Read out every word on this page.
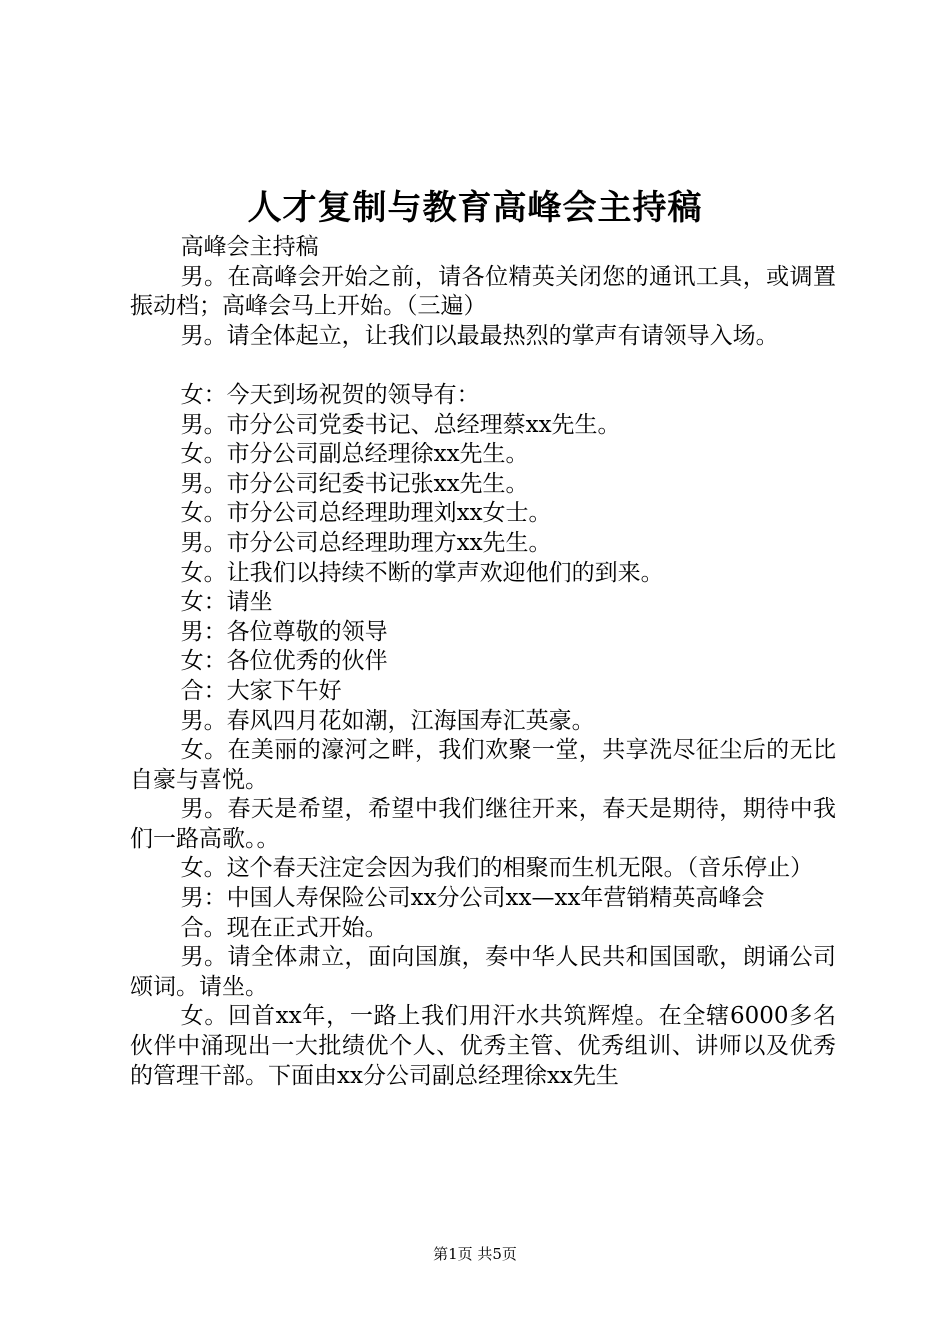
人才复制与教育高峰会主持稿

高峰会主持稿

男。在高峰会开始之前，请各位精英关闭您的通讯工具，或调置振动档；高峰会马上开始。（三遍）

男。请全体起立，让我们以最最热烈的掌声有请领导入场。

女：今天到场祝贺的领导有：

男。市分公司党委书记、总经理蔡xx先生。

女。市分公司副总经理徐xx先生。

男。市分公司纪委书记张xx先生。

女。市分公司总经理助理刘xx女士。

男。市分公司总经理助理方xx先生。

女。让我们以持续不断的掌声欢迎他们的到来。

女：请坐

男：各位尊敬的领导

女：各位优秀的伙伴

合：大家下午好

男。春风四月花如潮，江海国寿汇英豪。

女。在美丽的濠河之畔，我们欢聚一堂，共享洗尽征尘后的无比自豪与喜悦。

男。春天是希望，希望中我们继往开来，春天是期待，期待中我们一路高歌。。

女。这个春天注定会因为我们的相聚而生机无限。（音乐停止）

男：中国人寿保险公司xx分公司xx—xx年营销精英高峰会

合。现在正式开始。

男。请全体肃立，面向国旗，奏中华人民共和国国歌，朗诵公司颂词。请坐。

女。回首xx年，一路上我们用汗水共筑辉煌。在全辖6000多名伙伴中涌现出一大批绩优个人、优秀主管、优秀组训、讲师以及优秀的管理干部。下面由xx分公司副总经理徐xx先生

第1页 共5页
